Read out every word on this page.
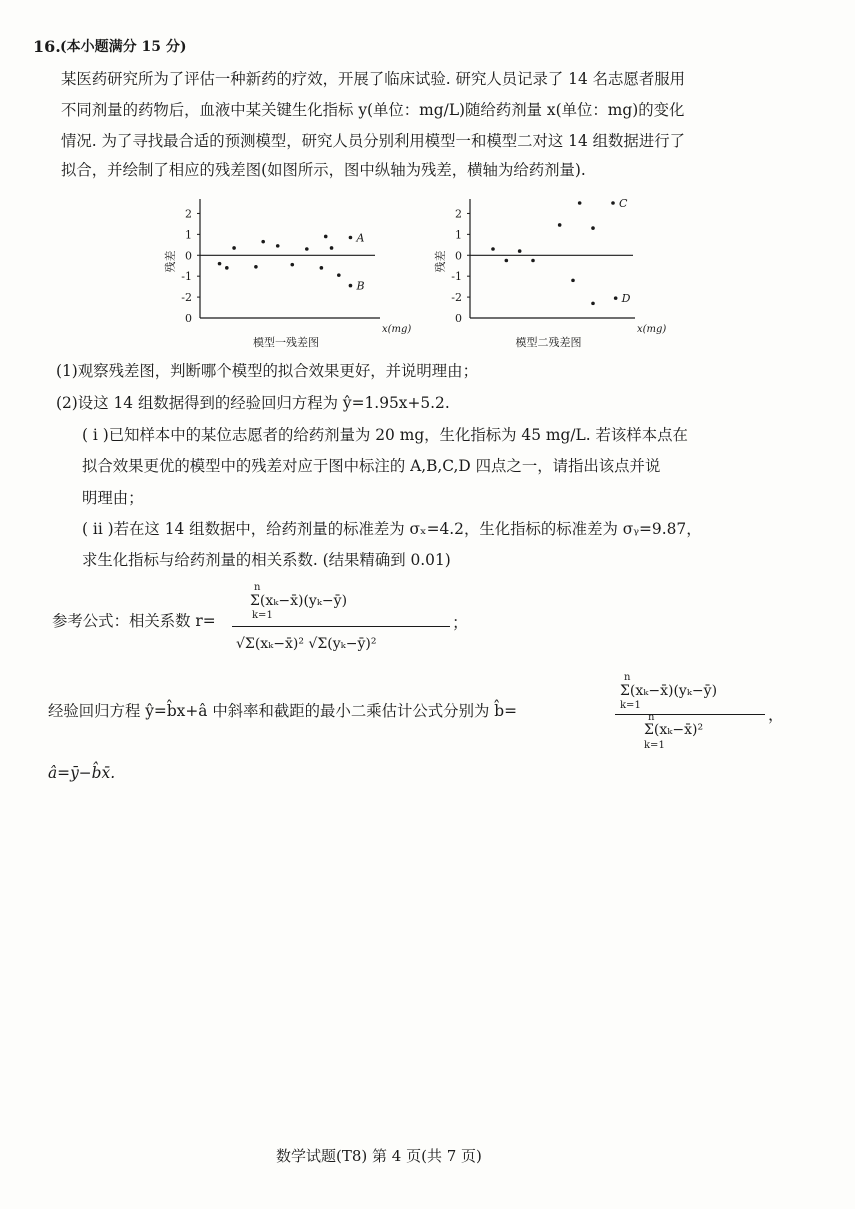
16. (本小题满分 15 分)
某医药研究所为了评估一种新药的疗效，开展了临床试验. 研究人员记录了 14 名志愿者服用
不同剂量的药物后，血液中某关键生化指标 y(单位：mg/L)随给药剂量 x(单位：mg)的变化
情况. 为了寻找最合适的预测模型，研究人员分别利用模型一和模型二对这 14 组数据进行了
拟合，并绘制了相应的残差图(如图所示，图中纵轴为残差，横轴为给药剂量).
2
1
0
-1
-2
0
残差
x(mg)
模型一残差图
A
B
2
1
0
-1
-2
0
残差
x(mg)
模型二残差图
C
D
(1)观察残差图，判断哪个模型的拟合效果更好，并说明理由；
(2)设这 14 组数据得到的经验回归方程为 ŷ=1.95x+5.2.
( i )已知样本中的某位志愿者的给药剂量为 20 mg，生化指标为 45 mg/L. 若该样本点在
拟合效果更优的模型中的残差对应于图中标注的 A,B,C,D 四点之一，请指出该点并说
明理由；
( ii )若在这 14 组数据中，给药剂量的标准差为 σₓ=4.2，生化指标的标准差为 σᵧ=9.87，
求生化指标与给药剂量的相关系数. (结果精确到 0.01)
参考公式：相关系数 r=
n
Σ(xₖ−x̄)(yₖ−ȳ)
k=1
√Σ(xₖ−x̄)² √Σ(yₖ−ȳ)²
；
经验回归方程 ŷ=b̂x+â 中斜率和截距的最小二乘估计公式分别为 b̂=
n
Σ(xₖ−x̄)(yₖ−ȳ)
k=1
n
Σ(xₖ−x̄)²
k=1
，
â=ȳ−b̂x̄.
数学试题(T8) 第 4 页(共 7 页)
